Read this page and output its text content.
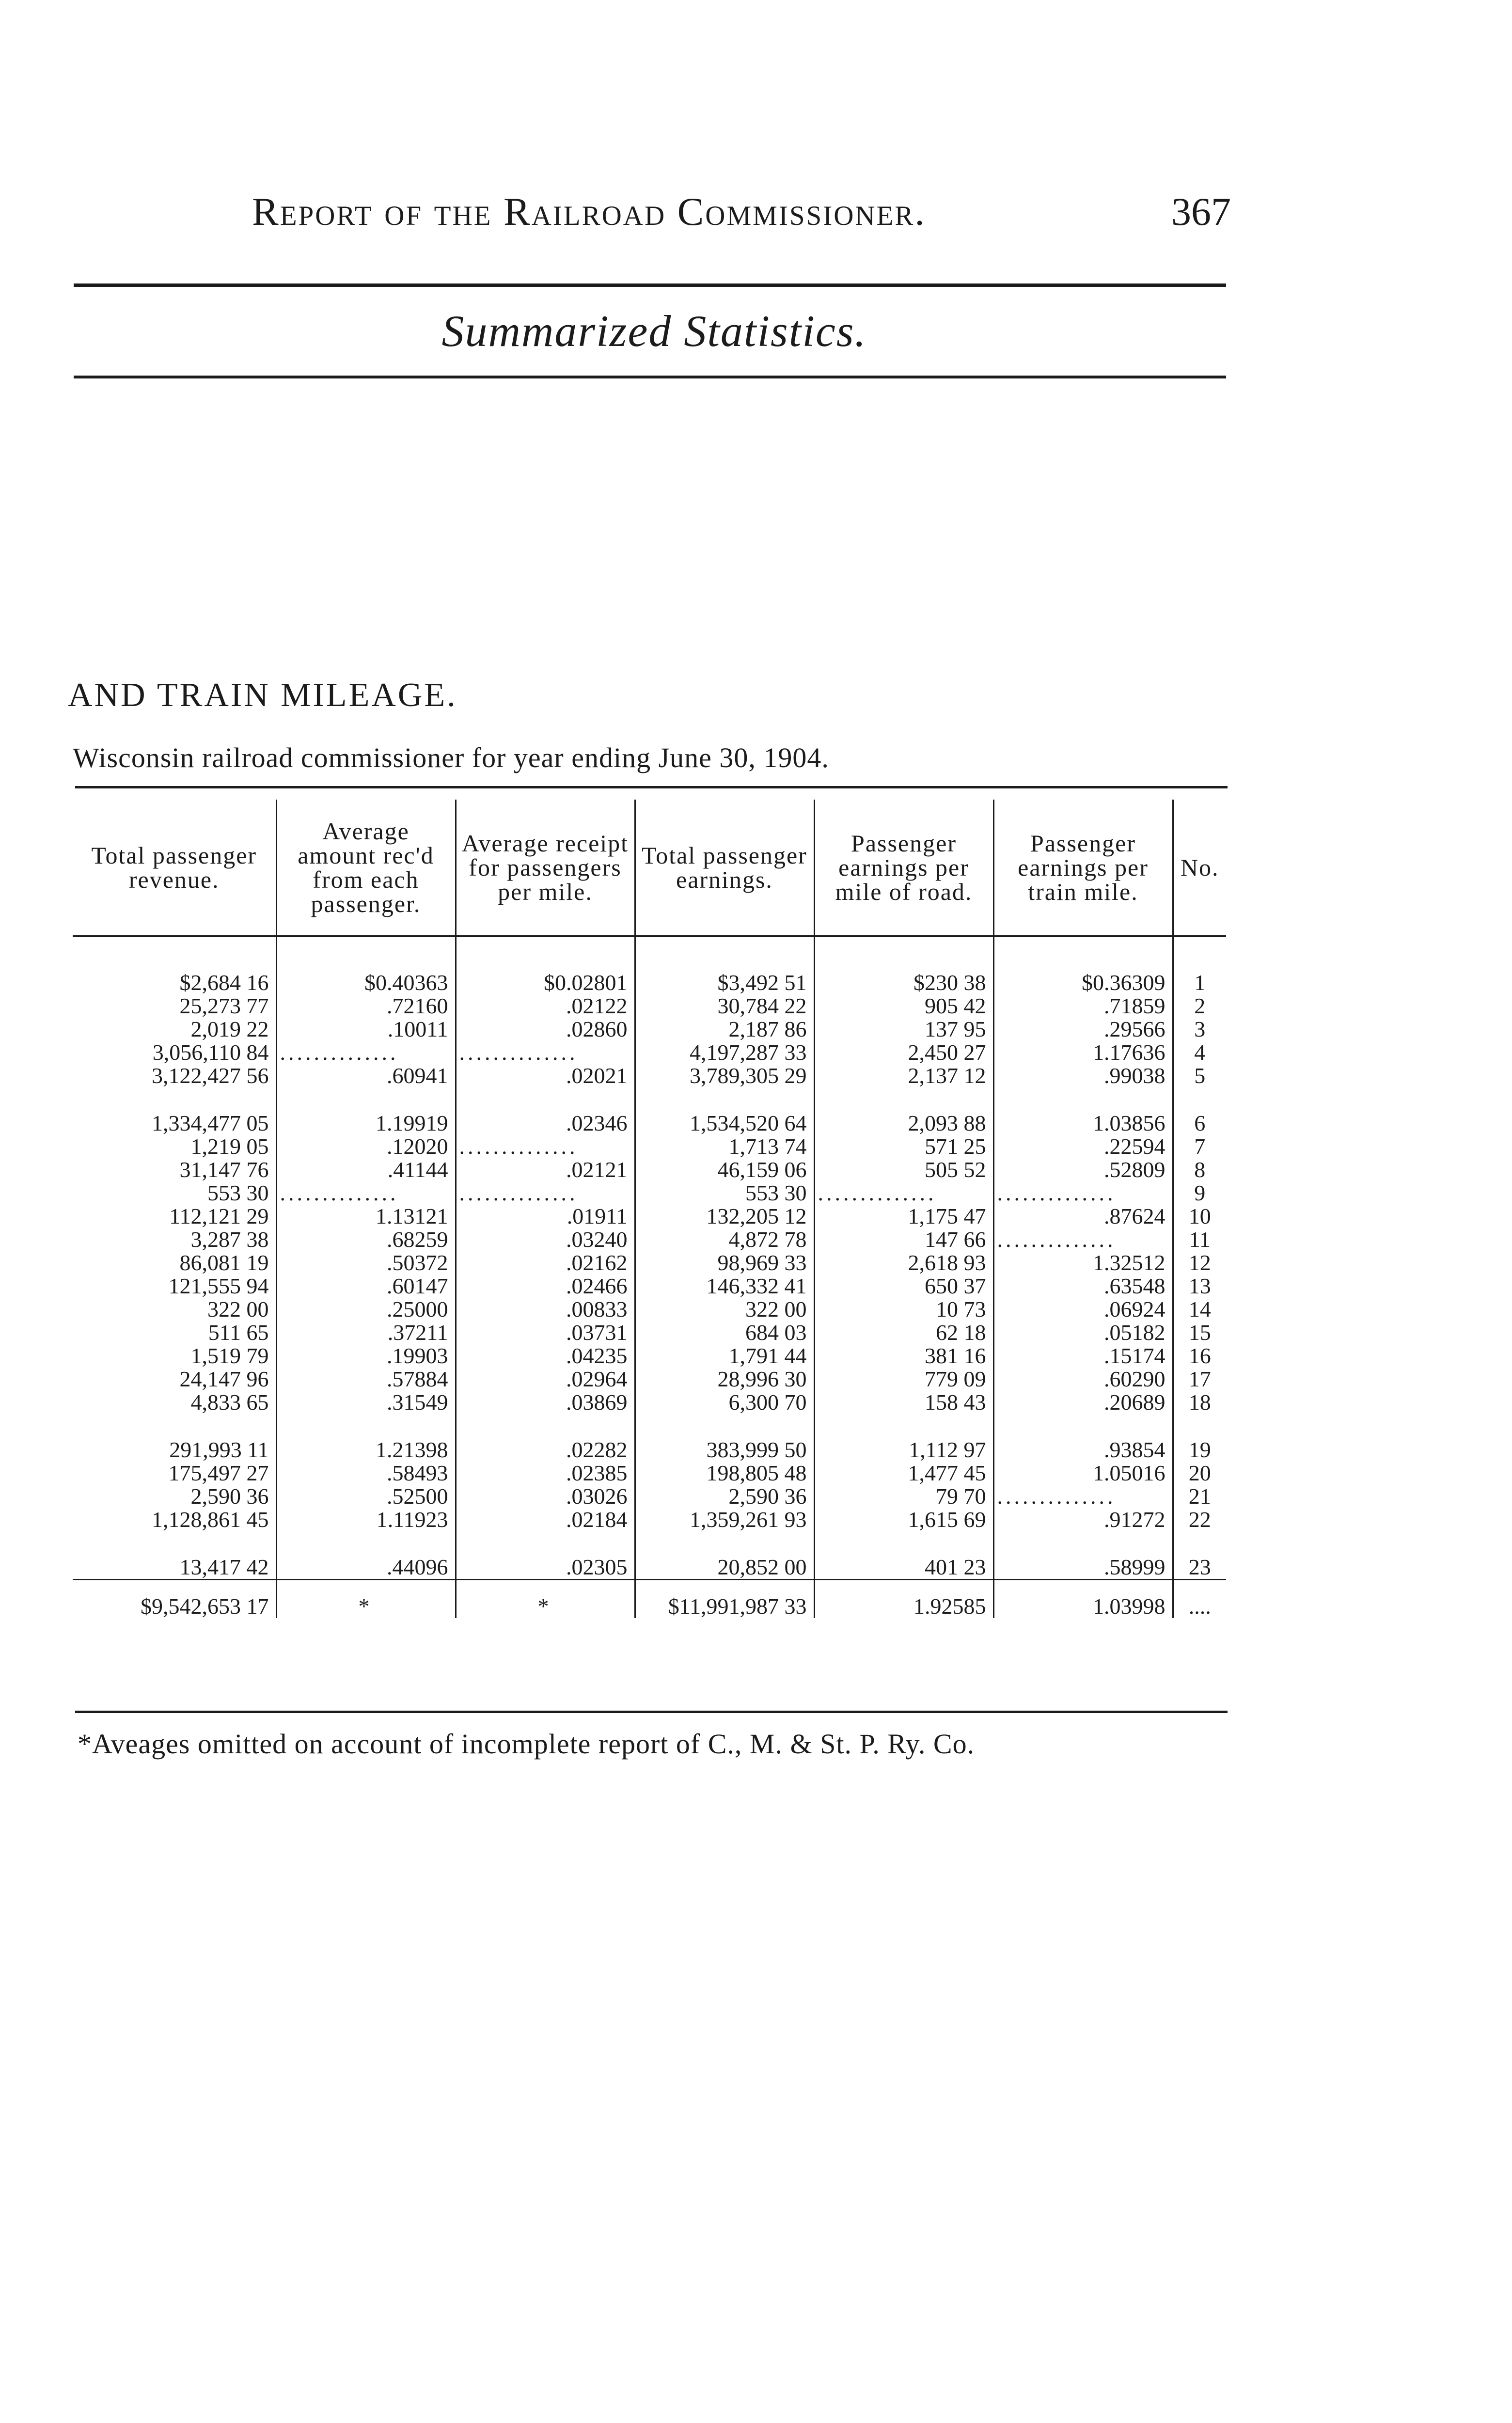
Report of the Railroad Commissioner.	367
Summarized Statistics.
AND TRAIN MILEAGE.
Wisconsin railroad commissioner for year ending June 30, 1904.
Total passenger revenue.	Average amount rec'd from each passenger.	Average receipt for passengers per mile.	Total passenger earnings.	Passenger earnings per mile of road.	Passenger earnings per train mile.	No.
$2,684 16	$0.40363	$0.02801	$3,492 51	$230 38	$0.36309	1
25,273 77	.72160	.02122	30,784 22	905 42	.71859	2
2,019 22	.10011	.02860	2,187 86	137 95	.29566	3
3,056,110 84	..............	..............	4,197,287 33	2,450 27	1.17636	4
3,122,427 56	.60941	.02021	3,789,305 29	2,137 12	.99038	5
1,334,477 05	1.19919	.02346	1,534,520 64	2,093 88	1.03856	6
1,219 05	.12020	..............	1,713 74	571 25	.22594	7
31,147 76	.41144	.02121	46,159 06	505 52	.52809	8
553 30	..............	..............	553 30	..............	..............	9
112,121 29	1.13121	.01911	132,205 12	1,175 47	.87624	10
3,287 38	.68259	.03240	4,872 78	147 66	..............	11
86,081 19	.50372	.02162	98,969 33	2,618 93	1.32512	12
121,555 94	.60147	.02466	146,332 41	650 37	.63548	13
322 00	.25000	.00833	322 00	10 73	.06924	14
511 65	.37211	.03731	684 03	62 18	.05182	15
1,519 79	.19903	.04235	1,791 44	381 16	.15174	16
24,147 96	.57884	.02964	28,996 30	779 09	.60290	17
4,833 65	.31549	.03869	6,300 70	158 43	.20689	18
291,993 11	1.21398	.02282	383,999 50	1,112 97	.93854	19
175,497 27	.58493	.02385	198,805 48	1,477 45	1.05016	20
2,590 36	.52500	.03026	2,590 36	79 70	..............	21
1,128,861 45	1.11923	.02184	1,359,261 93	1,615 69	.91272	22
13,417 42	.44096	.02305	20,852 00	401 23	.58999	23
$9,542,653 17	*	*	$11,991,987 33	1.92585	1.03998	....
*Aveages omitted on account of incomplete report of C., M. & St. P. Ry. Co.
